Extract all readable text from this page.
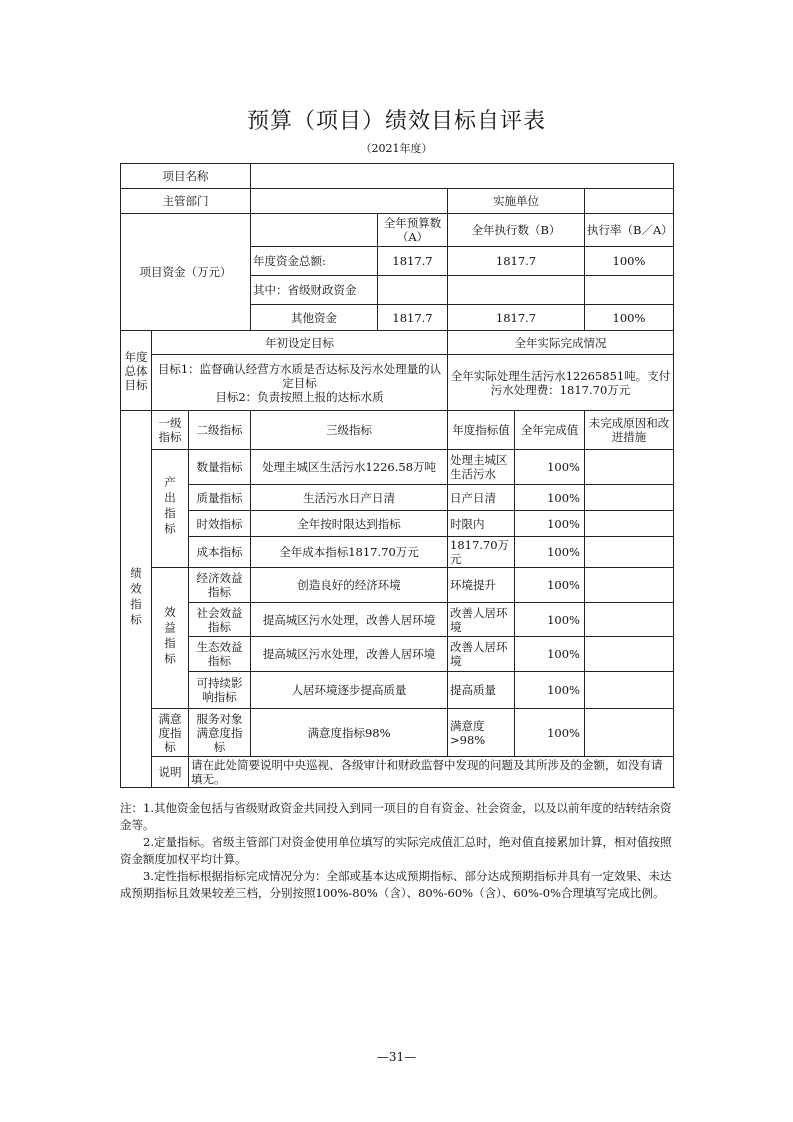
预算（项目）绩效目标自评表
（2021年度）
项目名称							
主管部门					实施单位		
项目资金（万元）				全年预算数（A）	全年执行数（B）		执行率（B／A）
			年度资金总额:	1817.7	1817.7		100%
			其中：省级财政资金				
			其他资金	1817.7	1817.7		100%
年度总体目标	年初设定目标				全年实际完成情况		

	目标1：监督确认经营方水质是否达标及污水处理量的认定目标
目标2：负责按照上报的达标水质				全年实际处理生活污水12265851吨。支付污水处理费：1817.70万元		
绩效指标	一级指标	二级指标	三级指标		年度指标值	全年完成值	未完成原因和改进措施
	产出指标	数量指标	处理主城区生活污水1226.58万吨		处理主城区生活污水	100%	
		质量指标	生活污水日产日清		日产日清	100%	
		时效指标	全年按时限达到指标		时限内	100%	
		成本指标	全年成本指标1817.70万元		1817.70万元	100%	
	效益指标	经济效益指标	创造良好的经济环境		环境提升	100%	
		社会效益指标	提高城区污水处理，改善人居环境		改善人居环境	100%	
		生态效益指标	提高城区污水处理，改善人居环境		改善人居环境	100%	
		可持续影响指标	人居环境逐步提高质量		提高质量	100%	
	满意度指标	服务对象满意度指标	满意度指标98%		满意度>98%	100%	
	说明	请在此处简要说明中央巡视、各级审计和财政监督中发现的问题及其所涉及的金额，如没有请填无。					

注：1.其他资金包括与省级财政资金共同投入到同一项目的自有资金、社会资金，以及以前年度的结转结余资金等。

2.定量指标。省级主管部门对资金使用单位填写的实际完成值汇总时，绝对值直接累加计算，相对值按照资金额度加权平均计算。

3.定性指标根据指标完成情况分为：全部或基本达成预期指标、部分达成预期指标并具有一定效果、未达成预期指标且效果较差三档，分别按照100%-80%（含）、80%-60%（含）、60%-0%合理填写完成比例。

—31—
